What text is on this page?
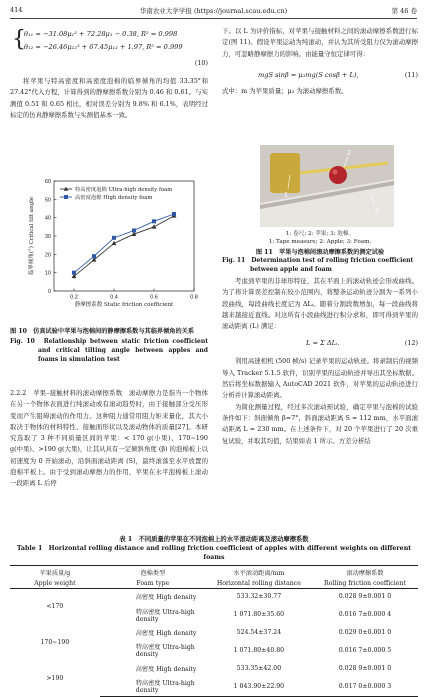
414	华南农业大学学报 (https://journal.scau.edu.cn)	第 46 卷
{
θ₁₁ = −31.08μ₁² + 72.28μ₁ − 0.38, R² = 0.998
θ₁₂ = −26.46μ₁₂² + 67.45μ₁₂ + 1.97, R² = 0.999
(10)

将苹果与特高密度和高密度泡棉的临界倾角的均值 33.35°和 27.42°代入方程，计算得到的静摩擦系数分别为 0.46 和 0.61。与实测值 0.51 和 0.65 相比，相对误差分别为 9.8% 和 6.1%，表明经过标定的仿真静摩擦系数与实测值基本一致。

0
10
20
30
40
50
60
0.2	0.4	0.6	0.8
静摩擦系数 Static friction coefficient
临界倾角(°) Critical tilt angle
特高密度泡棉 Ultra-high density foam
高密度泡棉 High density foam
图 10　仿真试验中苹果与泡棉间的静摩擦系数与其临界倾角的关系
Fig. 10　Relationship between static friction coefficient and critical tilting angle between apples and foams in simulation test

2.2.2　苹果–接触材料的滚动摩擦系数　滚动摩擦力是指当一个物体在另一个物体表面进行纯滚动或有滚动趋势时，由于接触部分受压形变而产生阻碍滚动的作用力。这种阻力通常用阻力矩来量化，其大小取决于物体的材料特性、接触面形状以及滚动物体的质量[27]。本研究选取了 3 种不同质量区间的苹果：< 170 g(小果)、170~190 g(中果)、>190 g(大果)，让其从具有一定倾斜角度 (β) 的泡棉板上以初速度为 0 开始滚动，沿斜面滚动距离 (S)，最终滚落至水平放置的泡棉平板上。由于受到滚动摩擦力的作用，苹果在水平泡棉板上滚动一段距离 L 后停

下。以 L 为评价指标，对苹果与接触材料之间的滚动摩擦系数进行标定(图 11)。假设苹果运动为纯滚动，并认为其所受阻力仅为滚动摩擦力，可忽略静摩擦力的影响。由能量守恒定律可得：

mgS sinβ = μ₃mg(S cosβ + L),	(11)

式中：m 为苹果质量；μ₃ 为滚动摩擦系数。

1
2
3
1: 卷尺; 2: 苹果; 3: 泡棉。
1: Tape measure; 2: Apple; 3: Foam.
图 11　苹果与泡棉间滚动摩擦系数的测定试验
Fig. 11　Determination test of rolling friction coefficient between apple and foam

考虑到苹果的非球形特征，其在平面上的滚动轨迹会形成曲线。为了将计算误差控制在较小范围内，将整条运动轨迹分割为一系列小段曲线，每段曲线长度记为 ΔLᵢ。随着分割段数增加，每一段曲线将越来越接近直线。对这所有小段曲线进行积分求和，即可得到苹果的滚动距离 (L) 满足：

L = Σ ΔLᵢ.	(12)

利用高速相机 (500 帧/s) 记录苹果的运动轨迹。将录制后的视频导入 Tracker 5.1.5 软件，识别苹果的运动轨迹并导出其坐标数据。然后将坐标数据输入 AutoCAD 2021 软件，对苹果的运动轨迹进行分析并计算滚动距离。

为简化测量过程，经过多次滚动预试验，确定苹果与泡棉的试验条件如下：斜面倾角 β=7°，斜面滚动距离 S = 112 mm，水平面滚动距离 L = 230 mm。在上述条件下，对 20 个苹果进行了 20 次重复试验，并取其均值，结果如表 1 所示。方差分析结

表 1　不同质量的苹果在不同泡棉上的水平滚动距离及滚动摩擦系数
Table 1　Horizontal rolling distance and rolling friction coefficient of apples with different weights on different foams
苹果质量/g	泡棉类型	水平滚动距离/mm	滚动摩擦系数
Apple weight	Foam type	Horizontal rolling distance	Rolling friction coefficient
<170	高密度 High density	533.32±30.77	0.028 9±0.001 0
	特高密度 Ultra-high density	1 071.80±35.60	0.016 7±0.000 4
170~190	高密度 High density	524.54±37.24	0.029 0±0.001 0
	特高密度 Ultra-high density	1 071.80±40.80	0.016 7±0.000 5
>190	高密度 High density	533.35±42.00	0.028 9±0.001 0
	特高密度 Ultra-high density	1 043.90±22.90	0.017 0±0.000 3
